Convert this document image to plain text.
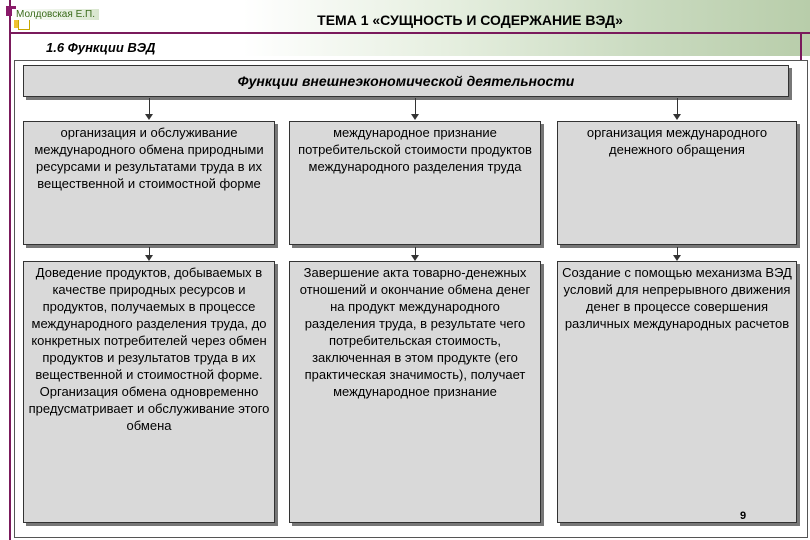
Молдовская Е.П.	ТЕМА 1 «СУЩНОСТЬ И СОДЕРЖАНИЕ ВЭД»
1.6 Функции ВЭД
Функции внешнеэкономической деятельности
организация и обслуживание международного обмена природными ресурсами и результатами труда в их вещественной и стоимостной форме
международное признание потребительской стоимости продуктов международного разделения труда
организация международного денежного обращения
Доведение продуктов, добываемых в качестве природных ресурсов и продуктов, получаемых в процессе международного разделения труда, до конкретных потребителей через обмен продуктов и результатов труда в их вещественной и стоимостной форме. Организация обмена одновременно предусматривает и обслуживание этого обмена
Завершение акта товарно-денежных отношений и окончание обмена денег на продукт международного разделения труда, в результате чего потребительская стоимость, заключенная в этом продукте (его практическая значимость), получает международное признание
Создание с помощью механизма ВЭД условий для непрерывного движения денег в процессе совершения различных международных расчетов
9
